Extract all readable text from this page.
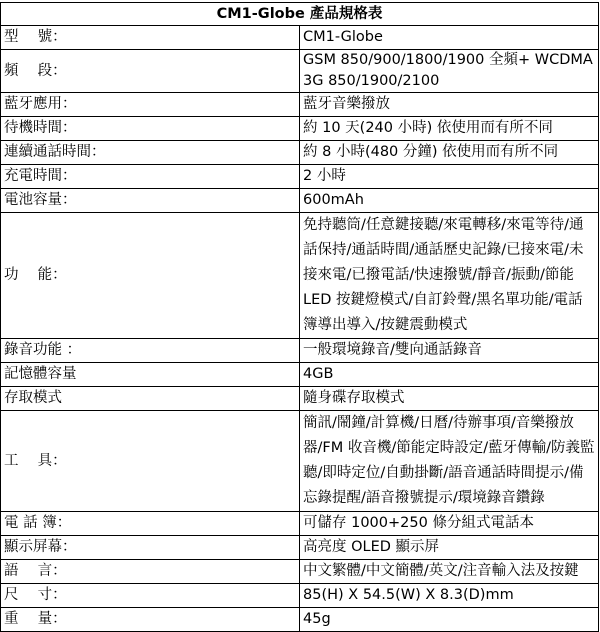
CM1-Globe 產品規格表	
型　 號：	CM1-Globe
頻　 段：	GSM 850/900/1800/1900 全頻+ WCDMA 3G 850/1900/2100
藍牙應用：	藍牙音樂撥放
待機時間：	約 10 天(240 小時) 依使用而有所不同
連續通話時間：	約 8 小時(480 分鐘) 依使用而有所不同
充電時間：	2 小時
電池容量：	600mAh
功　 能：	免持聽筒/任意鍵接聽/來電轉移/來電等待/通話保持/通話時間/通話歷史記錄/已接來電/未接來電/已撥電話/快速撥號/靜音/振動/節能 LED 按鍵燈模式/自訂鈴聲/黑名單功能/電話簿導出導入/按鍵震動模式
錄音功能 ：	一般環境錄音/雙向通話錄音
記憶體容量	4GB
存取模式	隨身碟存取模式
工　 具：	簡訊/鬧鐘/計算機/日曆/待辦事項/音樂撥放器/FM 收音機/節能定時設定/藍牙傳輸/防義監聽/即時定位/自動掛斷/語音通話時間提示/備忘錄提醒/語音撥號提示/環境錄音鑽錄
電 話 簿：	可儲存 1000+250 條分組式電話本
顯示屏幕：	高亮度 OLED 顯示屏
語　 言：	中文繁體/中文簡體/英文/注音輸入法及按鍵
尺　 寸：	85(H) X 54.5(W) X 8.3(D)mm
重　 量：	45g
